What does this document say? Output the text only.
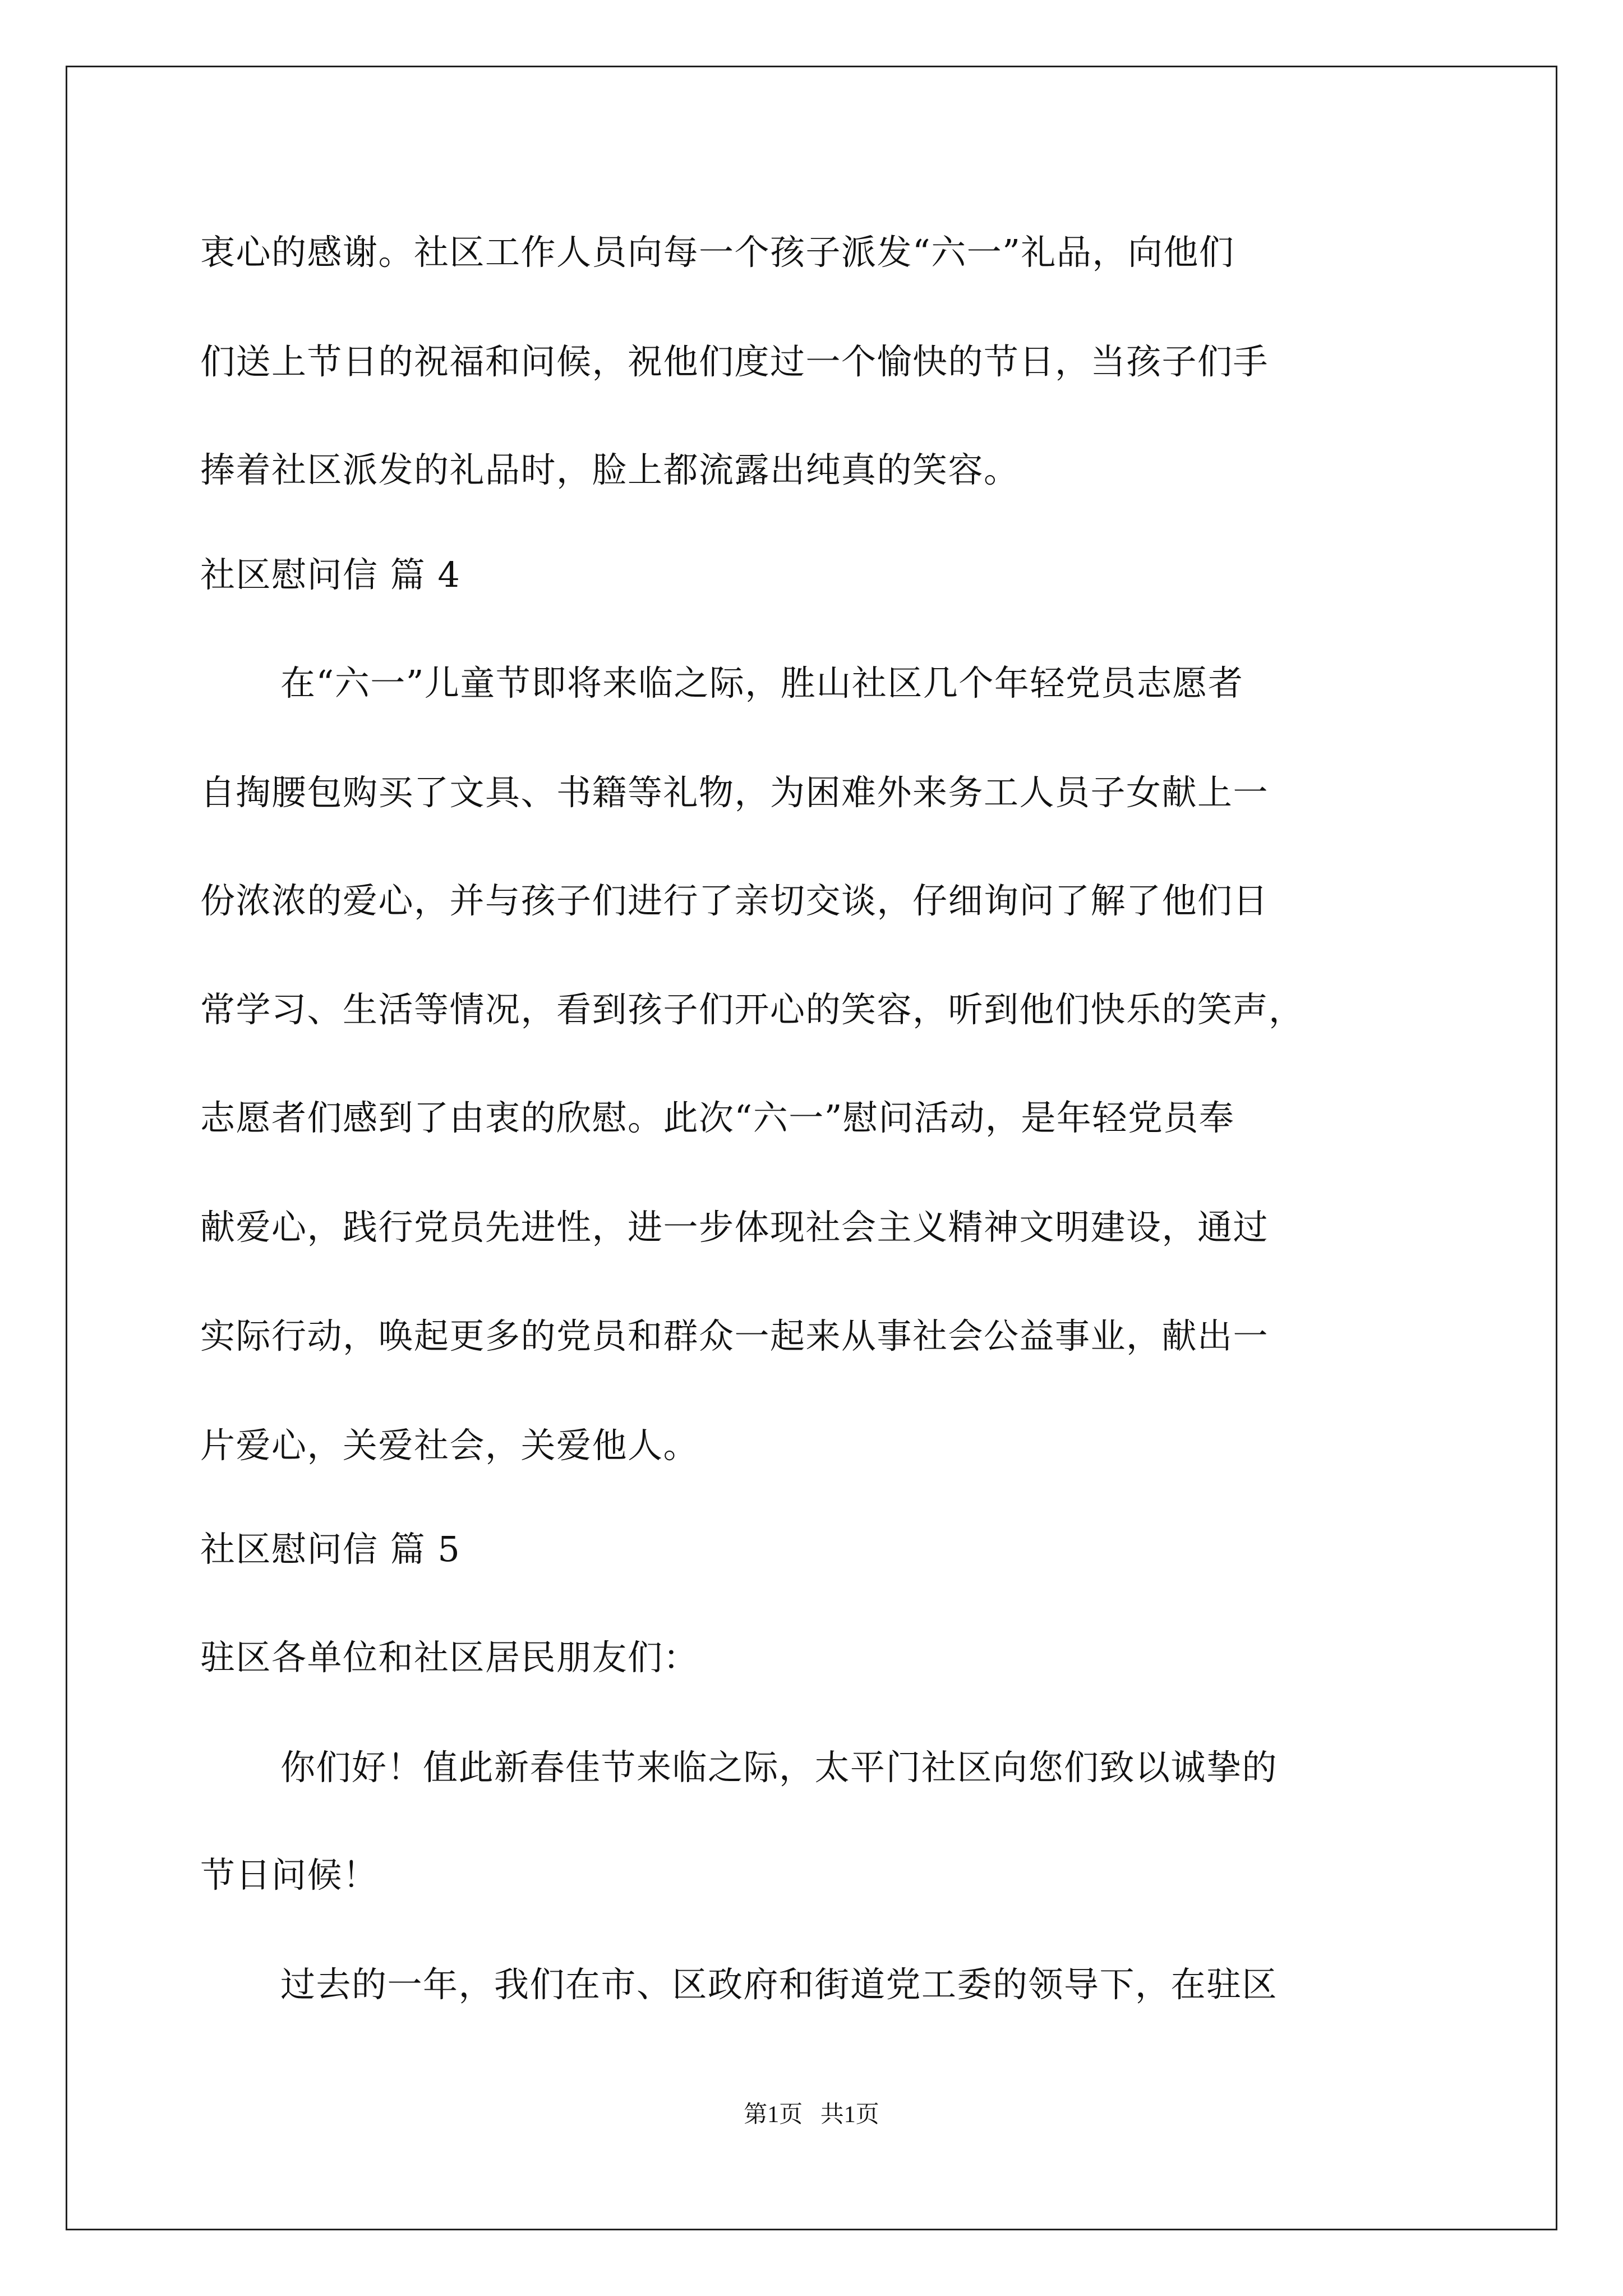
衷心的感谢。社区工作人员向每一个孩子派发“六一”礼品，向他们
们送上节日的祝福和问候，祝他们度过一个愉快的节日，当孩子们手
捧着社区派发的礼品时，脸上都流露出纯真的笑容。
社区慰问信 篇 4
在“六一”儿童节即将来临之际，胜山社区几个年轻党员志愿者
自掏腰包购买了文具、书籍等礼物，为困难外来务工人员子女献上一
份浓浓的爱心，并与孩子们进行了亲切交谈，仔细询问了解了他们日
常学习、生活等情况，看到孩子们开心的笑容，听到他们快乐的笑声，
志愿者们感到了由衷的欣慰。此次“六一”慰问活动，是年轻党员奉
献爱心，践行党员先进性，进一步体现社会主义精神文明建设，通过
实际行动，唤起更多的党员和群众一起来从事社会公益事业，献出一
片爱心，关爱社会，关爱他人。
社区慰问信 篇 5
驻区各单位和社区居民朋友们：
你们好！值此新春佳节来临之际，太平门社区向您们致以诚挚的
节日问候！
过去的一年，我们在市、区政府和街道党工委的领导下，在驻区
第1页   共1页
